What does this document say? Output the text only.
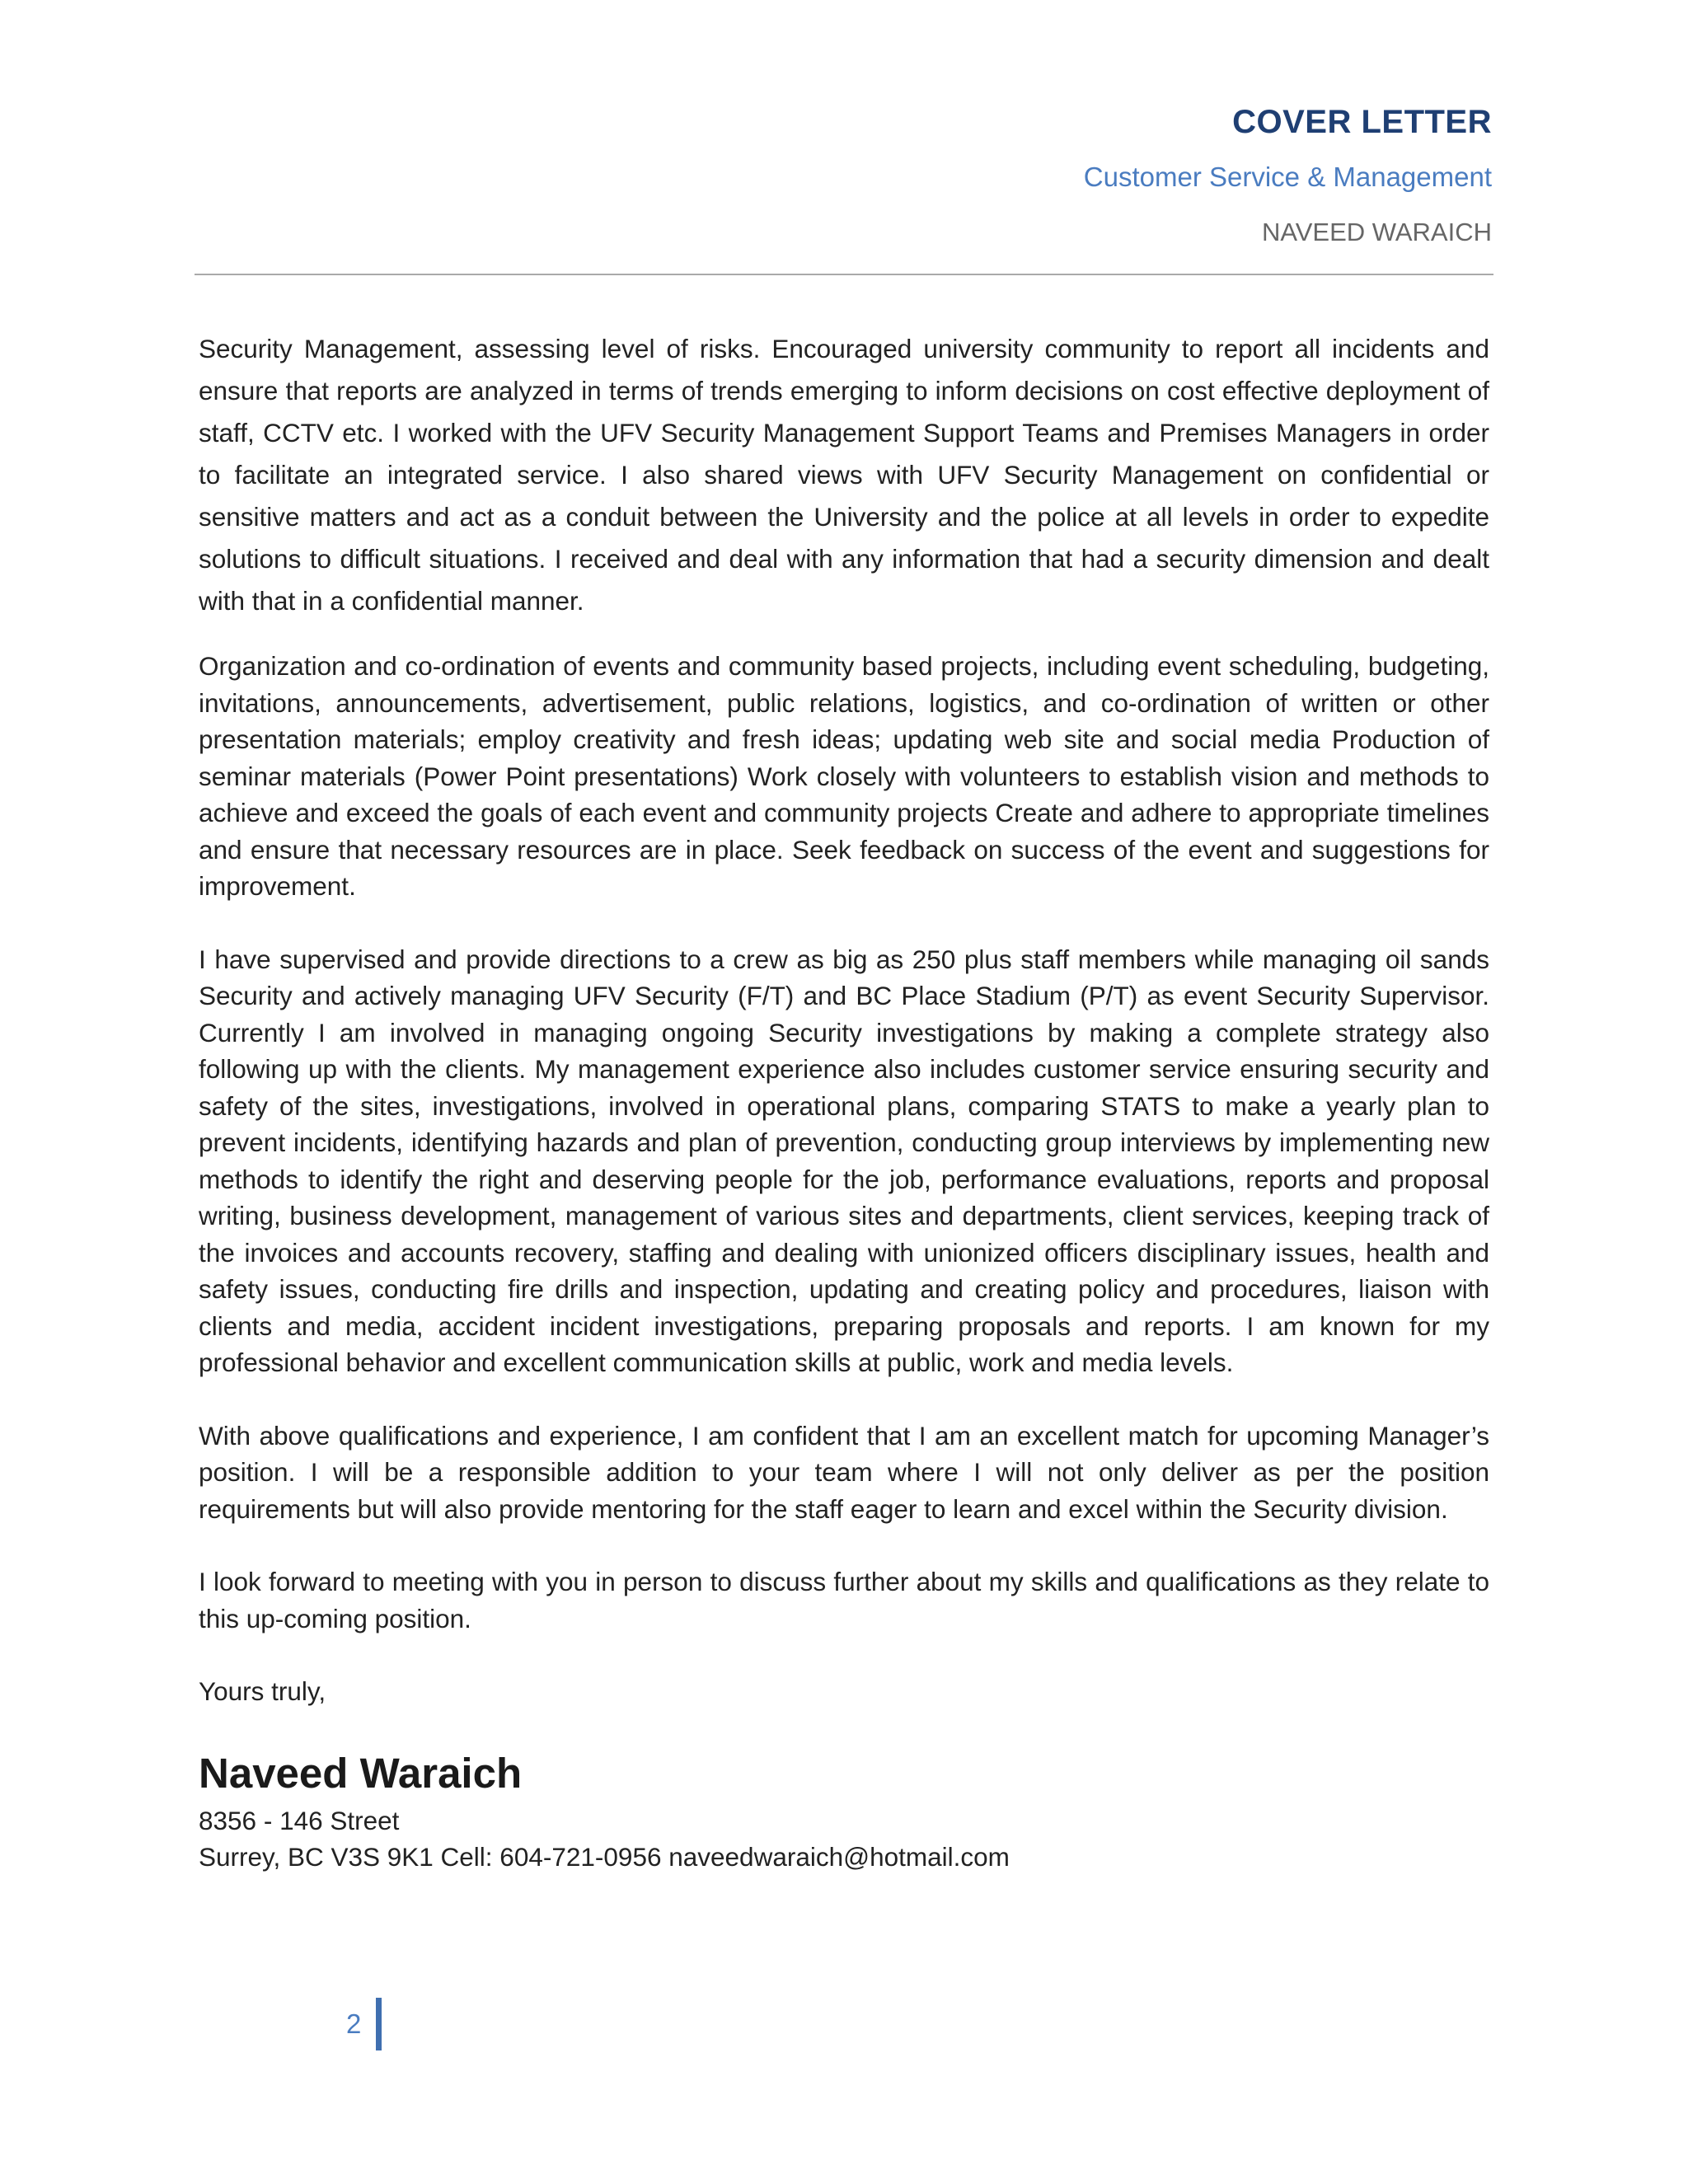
COVER LETTER
Customer Service & Management
NAVEED WARAICH

Security Management, assessing level of risks. Encouraged university community to report all incidents and ensure that reports are analyzed in terms of trends emerging to inform decisions on cost effective deployment of staff, CCTV etc. I worked with the UFV Security Management Support Teams and Premises Managers in order to facilitate an integrated service. I also shared views with UFV Security Management on confidential or sensitive matters and act as a conduit between the University and the police at all levels in order to expedite solutions to difficult situations. I received and deal with any information that had a security dimension and dealt with that in a confidential manner.

Organization and co-ordination of events and community based projects, including event scheduling, budgeting, invitations, announcements, advertisement, public relations, logistics, and co-ordination of written or other presentation materials; employ creativity and fresh ideas; updating web site and social media Production of seminar materials (Power Point presentations) Work closely with volunteers to establish vision and methods to achieve and exceed the goals of each event and community projects Create and adhere to appropriate timelines and ensure that necessary resources are in place. Seek feedback on success of the event and suggestions for improvement.

I have supervised and provide directions to a crew as big as 250 plus staff members while managing oil sands Security and actively managing UFV Security (F/T) and BC Place Stadium (P/T) as event Security Supervisor. Currently I am involved in managing ongoing Security investigations by making a complete strategy also following up with the clients. My management experience also includes customer service ensuring security and safety of the sites, investigations, involved in operational plans, comparing STATS to make a yearly plan to prevent incidents, identifying hazards and plan of prevention, conducting group interviews by implementing new methods to identify the right and deserving people for the job, performance evaluations, reports and proposal writing, business development, management of various sites and departments, client services, keeping track of the invoices and accounts recovery, staffing and dealing with unionized officers disciplinary issues, health and safety issues, conducting fire drills and inspection, updating and creating policy and procedures, liaison with clients and media, accident incident investigations, preparing proposals and reports. I am known for my professional behavior and excellent communication skills at public, work and media levels.

With above qualifications and experience, I am confident that I am an excellent match for upcoming Manager’s position. I will be a responsible addition to your team where I will not only deliver as per the position requirements but will also provide mentoring for the staff eager to learn and excel within the Security division.

I look forward to meeting with you in person to discuss further about my skills and qualifications as they relate to this up-coming position.

Yours truly,

Naveed Waraich
8356 - 146 Street
Surrey, BC V3S 9K1 Cell: 604-721-0956 naveedwaraich@hotmail.com
2
